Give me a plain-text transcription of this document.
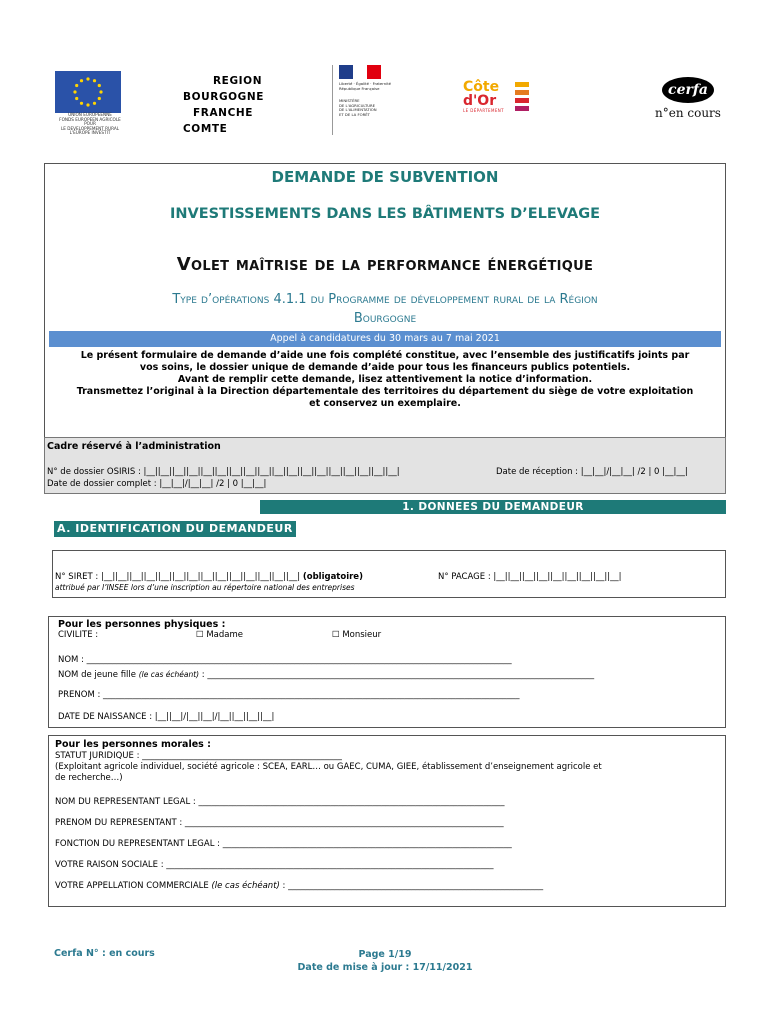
UNION EUROPEENNE
FONDS EUROPEEN AGRICOLE POUR
LE DEVELOPPEMENT RURAL
L'EUROPE INVESTIT
REGION
BOURGOGNE
FRANCHE
COMTE
Liberté · Égalité · Fraternité
République Française
MINISTÈRE
DE L'AGRICULTURE
DE L'ALIMENTATION
ET DE LA FORÊT
Côte
d'Or
LE DÉPARTEMENT
cerfa
n°en cours
DEMANDE DE SUBVENTION
INVESTISSEMENTS DANS LES BÂTIMENTS D’ELEVAGE
Volet maîtrise de la performance énergétique
Type d’opérations 4.1.1 du Programme de développement rural de la Région
Bourgogne
Appel à candidatures du 30 mars au 7 mai 2021
Le présent formulaire de demande d’aide une fois complété constitue, avec l’ensemble des justificatifs joints par
vos soins, le dossier unique de demande d’aide pour tous les financeurs publics potentiels.
Avant de remplir cette demande, lisez attentivement la notice d’information.
Transmettez l’original à la Direction départementale des territoires du département du siège de votre exploitation
et conservez un exemplaire.
Cadre réservé à l’administration
N° de dossier OSIRIS : |__||__||__||__||__||__||__||__||__||__||__||__||__||__||__||__||__||__|	Date de réception : |__|__|/|__|__| /2 | 0 |__|__|
Date de dossier complet : |__|__|/|__|__| /2 | 0 |__|__|
1. DONNEES DU DEMANDEUR
A. IDENTIFICATION DU DEMANDEUR
N° SIRET : |__||__||__||__||__||__||__||__||__||__||__||__||__||__| (obligatoire)
attribué par l’INSEE lors d’une inscription au répertoire national des entreprises
N° PACAGE : |__||__||__||__||__||__||__||__||__|
Pour les personnes physiques :
CIVILITE :	☐ Madame	☐ Monsieur
NOM : ____________________________________________________________________________________________________
NOM de jeune fille (le cas échéant) : ___________________________________________________________________________________________
PRENOM : __________________________________________________________________________________________________
DATE DE NAISSANCE : |__||__|/|__||__|/|__||__||__||__|
Pour les personnes morales :
STATUT JURIDIQUE : _______________________________________________
(Exploitant agricole individuel, société agricole : SCEA, EARL… ou GAEC, CUMA, GIEE, établissement d’enseignement agricole et
de recherche…)
NOM DU REPRESENTANT LEGAL : ________________________________________________________________________
PRENOM DU REPRESENTANT : ___________________________________________________________________________
FONCTION DU REPRESENTANT LEGAL : ____________________________________________________________________
VOTRE RAISON SOCIALE : _____________________________________________________________________________
VOTRE APPELLATION COMMERCIALE (le cas échéant) : ____________________________________________________________
Cerfa N° : en cours	Page 1/19
Date de mise à jour : 17/11/2021
